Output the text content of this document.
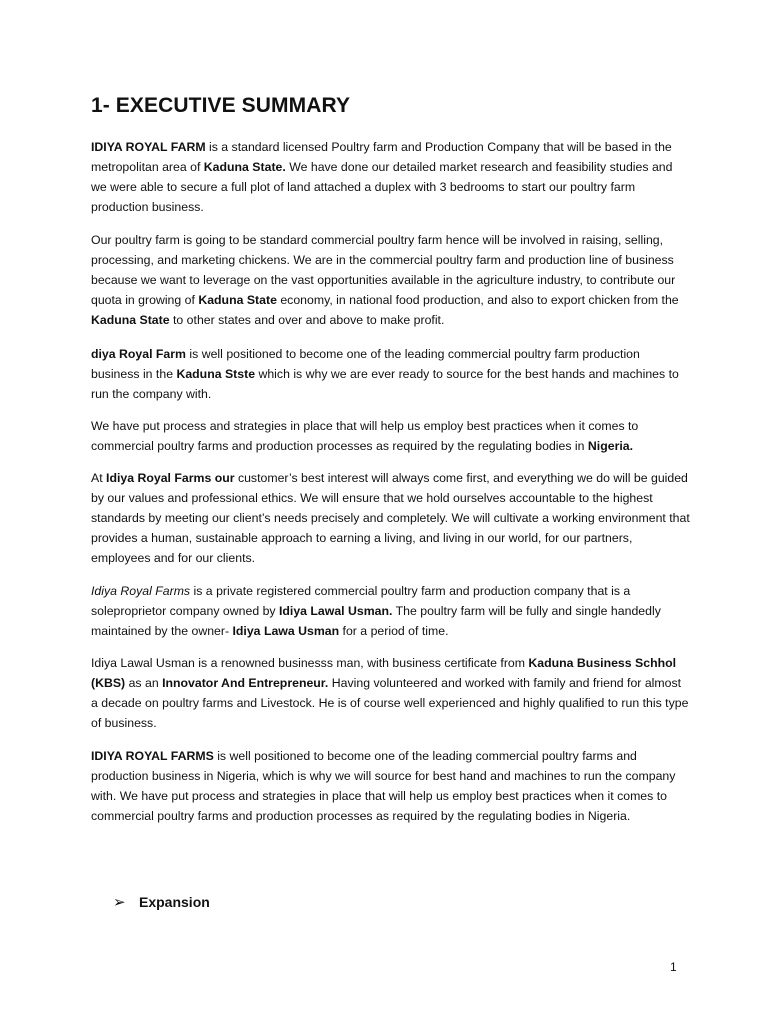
1- EXECUTIVE SUMMARY

IDIYA ROYAL FARM is a standard licensed Poultry farm and Production Company that will be based in the metropolitan area of Kaduna State. We have done our detailed market research and feasibility studies and we were able to secure a full plot of land attached a duplex with 3 bedrooms to start our poultry farm production business.

Our poultry farm is going to be standard commercial poultry farm hence will be involved in raising, selling, processing, and marketing chickens. We are in the commercial poultry farm and production line of business because we want to leverage on the vast opportunities available in the agriculture industry, to contribute our quota in growing of Kaduna State economy, in national food production, and also to export chicken from the Kaduna State to other states and over and above to make profit.

diya Royal Farm is well positioned to become one of the leading commercial poultry farm production business in the Kaduna Stste which is why we are ever ready to source for the best hands and machines to run the company with.

We have put process and strategies in place that will help us employ best practices when it comes to commercial poultry farms and production processes as required by the regulating bodies in Nigeria.

At Idiya Royal Farms our customer’s best interest will always come first, and everything we do will be guided by our values and professional ethics. We will ensure that we hold ourselves accountable to the highest standards by meeting our client’s needs precisely and completely. We will cultivate a working environment that provides a human, sustainable approach to earning a living, and living in our world, for our partners, employees and for our clients.

Idiya Royal Farms is a private registered commercial poultry farm and production company that is a soleproprietor company owned by Idiya Lawal Usman. The poultry farm will be fully and single handedly maintained by the owner- Idiya Lawa Usman for a period of time.

Idiya Lawal Usman is a renowned businesss man, with business certificate from Kaduna Business Schhol (KBS) as an Innovator And Entrepreneur. Having volunteered and worked with family and friend for almost a decade on poultry farms and Livestock. He is of course well experienced and highly qualified to run this type of business.

IDIYA ROYAL FARMS is well positioned to become one of the leading commercial poultry farms and production business in Nigeria, which is why we will source for best hand and machines to run the company with. We have put process and strategies in place that will help us employ best practices when it comes to commercial poultry farms and production processes as required by the regulating bodies in Nigeria.

➢ Expansion
1
